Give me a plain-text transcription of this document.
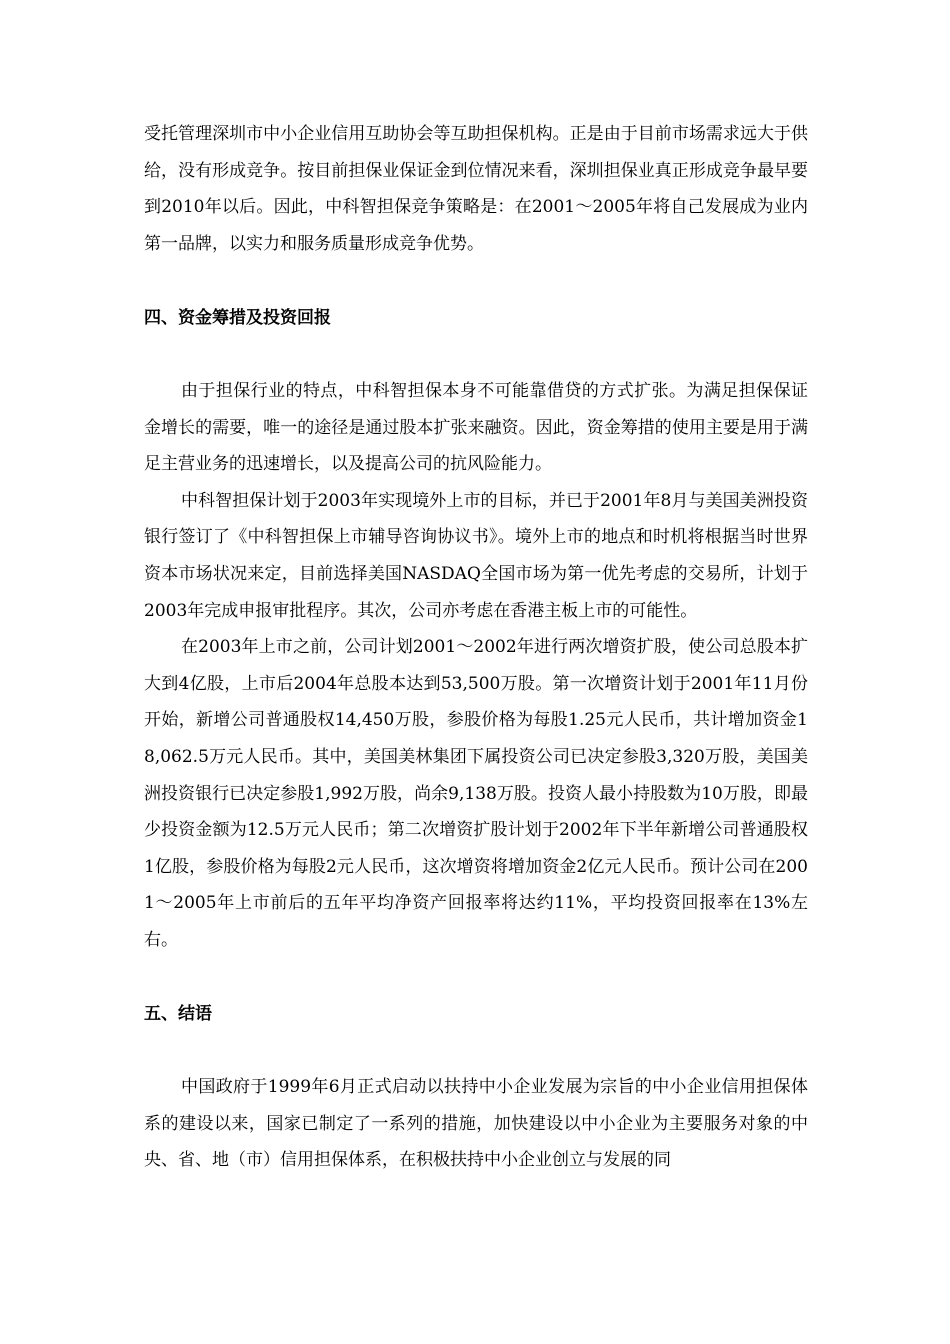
受托管理深圳市中小企业信用互助协会等互助担保机构。正是由于目前市场需求远大于供给，没有形成竞争。按目前担保业保证金到位情况来看，深圳担保业真正形成竞争最早要到2010年以后。因此，中科智担保竞争策略是：在2001～2005年将自己发展成为业内第一品牌，以实力和服务质量形成竞争优势。

四、资金筹措及投资回报

由于担保行业的特点，中科智担保本身不可能靠借贷的方式扩张。为满足担保保证金增长的需要，唯一的途径是通过股本扩张来融资。因此，资金筹措的使用主要是用于满足主营业务的迅速增长，以及提高公司的抗风险能力。

中科智担保计划于2003年实现境外上市的目标，并已于2001年8月与美国美洲投资银行签订了《中科智担保上市辅导咨询协议书》。境外上市的地点和时机将根据当时世界资本市场状况来定，目前选择美国NASDAQ全国市场为第一优先考虑的交易所，计划于2003年完成申报审批程序。其次，公司亦考虑在香港主板上市的可能性。

在2003年上市之前，公司计划2001～2002年进行两次增资扩股，使公司总股本扩大到4亿股，上市后2004年总股本达到53,500万股。第一次增资计划于2001年11月份开始，新增公司普通股权14,450万股，参股价格为每股1.25元人民币，共计增加资金18,062.5万元人民币。其中，美国美林集团下属投资公司已决定参股3,320万股，美国美洲投资银行已决定参股1,992万股，尚余9,138万股。投资人最小持股数为10万股，即最少投资金额为12.5万元人民币；第二次增资扩股计划于2002年下半年新增公司普通股权1亿股，参股价格为每股2元人民币，这次增资将增加资金2亿元人民币。预计公司在2001～2005年上市前后的五年平均净资产回报率将达约11%，平均投资回报率在13%左右。

五、结语

中国政府于1999年6月正式启动以扶持中小企业发展为宗旨的中小企业信用担保体系的建设以来，国家已制定了一系列的措施，加快建设以中小企业为主要服务对象的中央、省、地（市）信用担保体系，在积极扶持中小企业创立与发展的同
